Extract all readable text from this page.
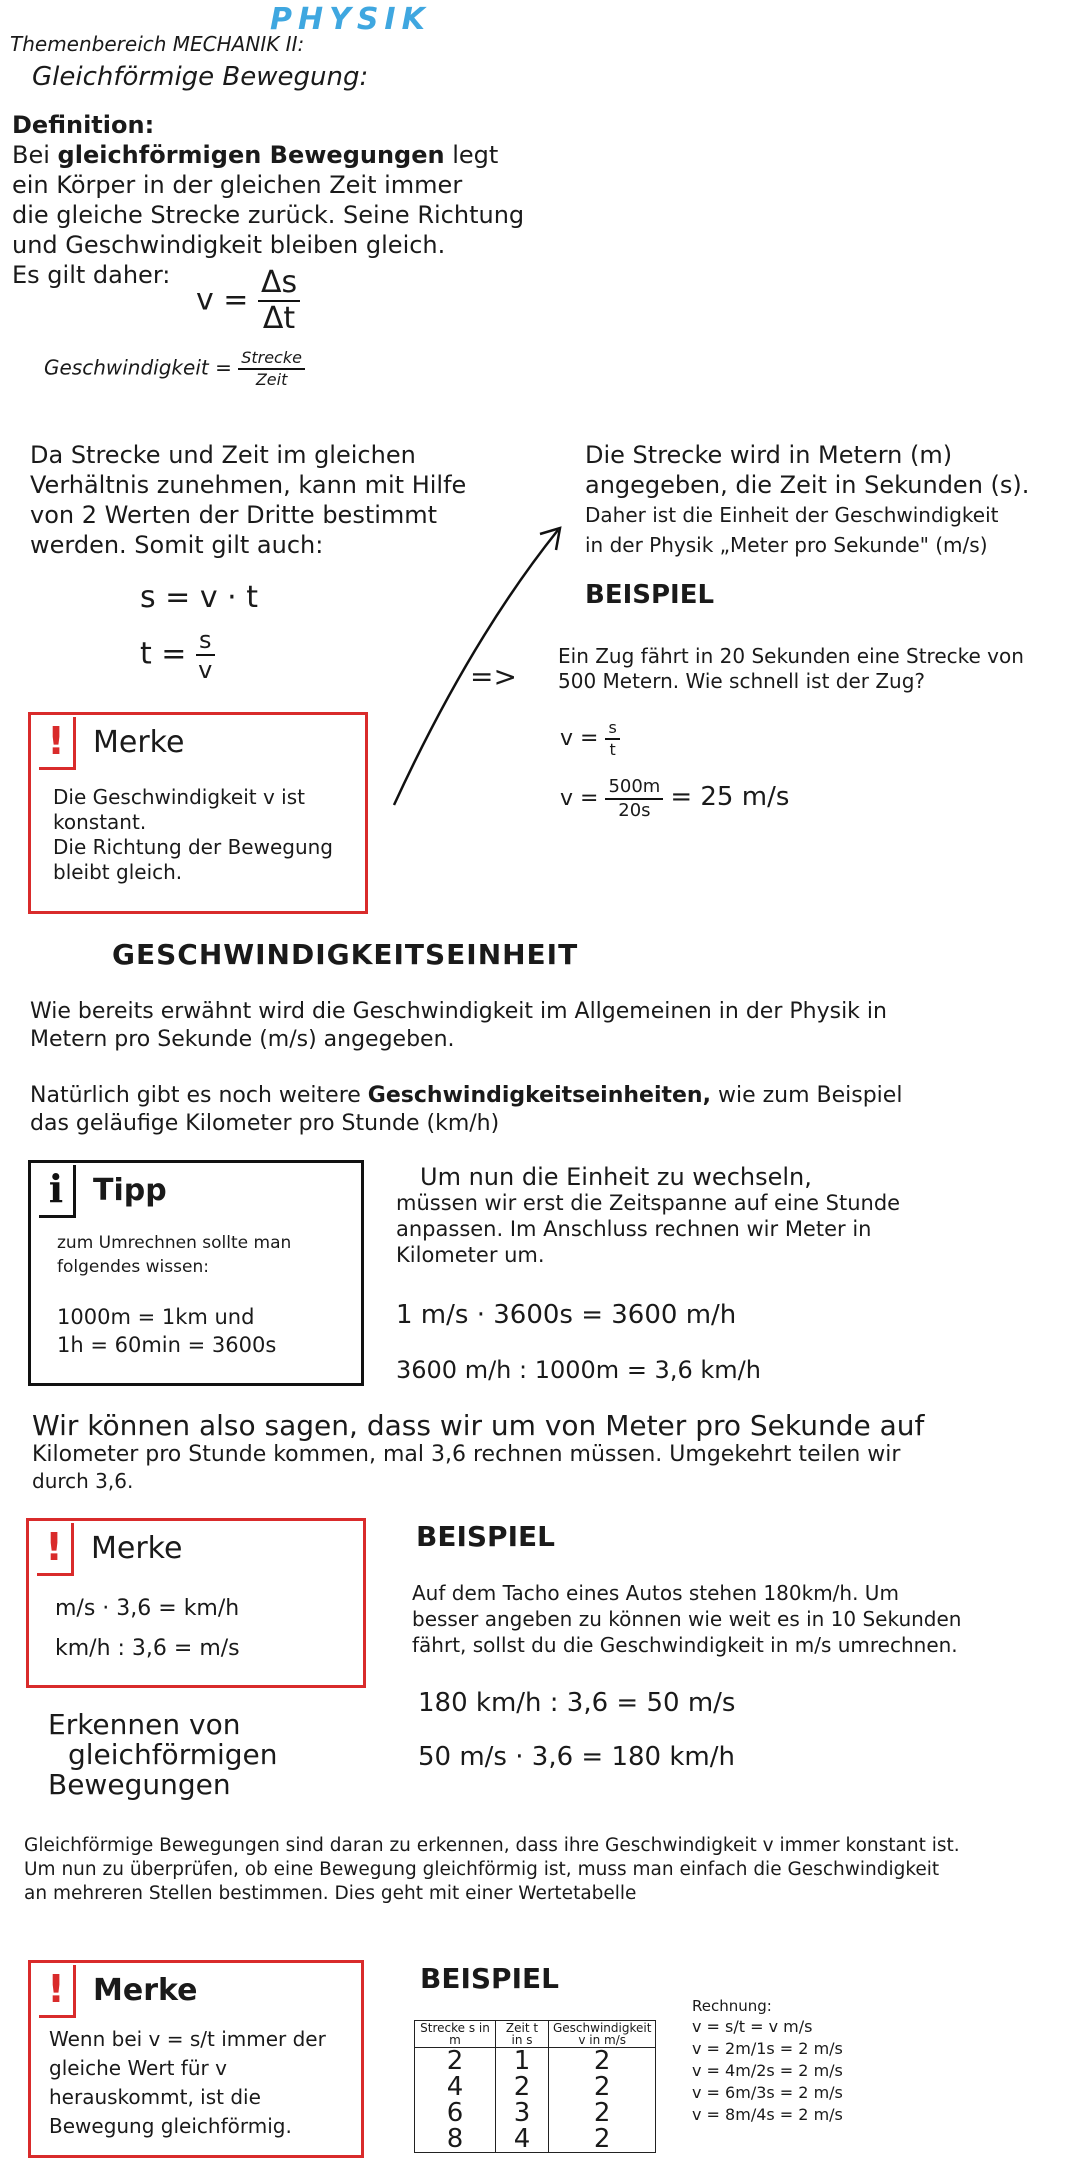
PHYSIK
Themenbereich MECHANIK II:
Gleichförmige Bewegung:
Definition:
Bei gleichförmigen Bewegungen legt
ein Körper in der gleichen Zeit immer
die gleiche Strecke zurück. Seine Richtung
und Geschwindigkeit bleiben gleich.
Es gilt daher:
$v = \frac{\Delta s}{\Delta t}$
Geschwindigkeit = $\frac{\text{Strecke}}{\text{Zeit}}$
Da Strecke und Zeit im gleichen
Verhältnis zunehmen, kann mit Hilfe
von 2 Werten der Dritte bestimmt
werden. Somit gilt auch:
s = v · t
$t = \frac{s}{v}$
! Merke
Die Geschwindigkeit v ist
konstant.
Die Richtung der Bewegung
bleibt gleich.
Die Strecke wird in Metern (m)
angegeben, die Zeit in Sekunden (s).
Daher ist die Einheit der Geschwindigkeit
in der Physik „Meter pro Sekunde" (m/s)
BEISPIEL
=>
Ein Zug fährt in 20 Sekunden eine Strecke von
500 Metern. Wie schnell ist der Zug?
$v = \frac{s}{t}$
$v = \frac{500m}{20s} = 25$ m/s
GESCHWINDIGKEITSEINHEIT
Wie bereits erwähnt wird die Geschwindigkeit im Allgemeinen in der Physik in
Metern pro Sekunde (m/s) angegeben.
Natürlich gibt es noch weitere Geschwindigkeitseinheiten, wie zum Beispiel
das geläufige Kilometer pro Stunde (km/h)
i Tipp
zum Umrechnen sollte man
folgendes wissen:
1000m = 1km und
1h = 60min = 3600s
Um nun die Einheit zu wechseln,
müssen wir erst die Zeitspanne auf eine Stunde
anpassen. Im Anschluss rechnen wir Meter in
Kilometer um.
1 m/s · 3600s = 3600 m/h
3600 m/h : 1000m = 3,6 km/h
Wir können also sagen, dass wir um von Meter pro Sekunde auf
Kilometer pro Stunde kommen, mal 3,6 rechnen müssen. Umgekehrt teilen wir
durch 3,6.
! Merke
m/s · 3,6 = km/h
km/h : 3,6 = m/s
BEISPIEL
Auf dem Tacho eines Autos stehen 180km/h. Um
besser angeben zu können wie weit es in 10 Sekunden
fährt, sollst du die Geschwindigkeit in m/s umrechnen.
180 km/h : 3,6 = 50 m/s
50 m/s · 3,6 = 180 km/h
Erkennen von
gleichförmigen
Bewegungen
Gleichförmige Bewegungen sind daran zu erkennen, dass ihre Geschwindigkeit v immer konstant ist.
Um nun zu überprüfen, ob eine Bewegung gleichförmig ist, muss man einfach die Geschwindigkeit
an mehreren Stellen bestimmen. Dies geht mit einer Wertetabelle
! Merke
Wenn bei v = s/t immer der
gleiche Wert für v
herauskommt, ist die
Bewegung gleichförmig.
BEISPIEL
Strecke s in m	Zeit t in s	Geschwindigkeit v in m/s
2	1	2
4	2	2
6	3	2
8	4	2
Rechnung:
v = s/t = v m/s
v = 2m/1s = 2 m/s
v = 4m/2s = 2 m/s
v = 6m/3s = 2 m/s
v = 8m/4s = 2 m/s
